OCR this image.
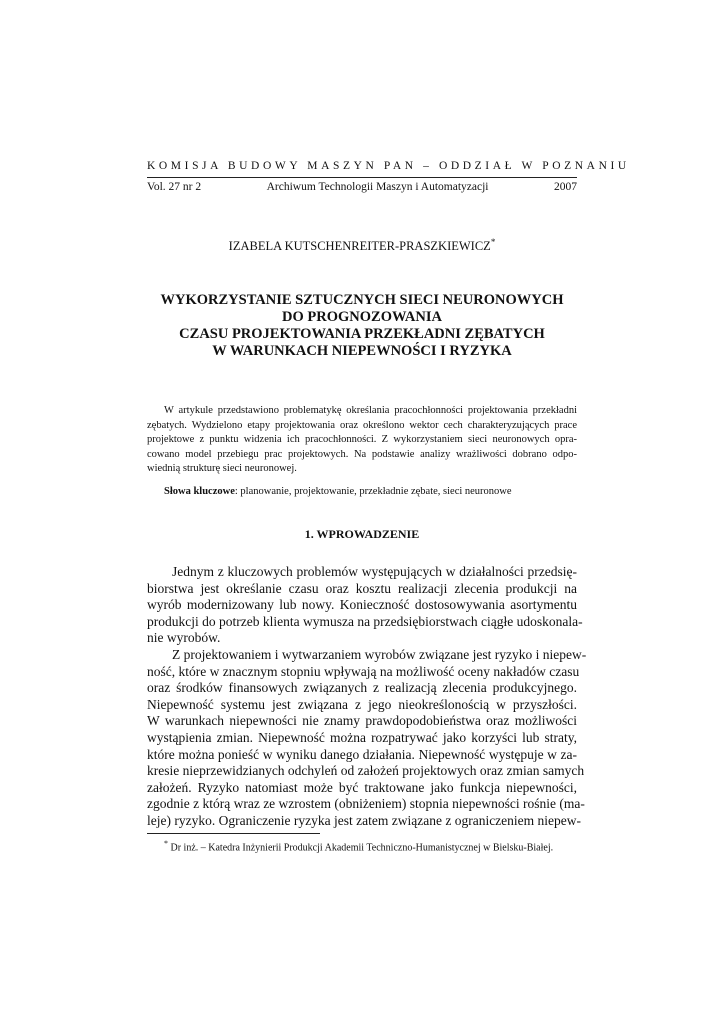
KOMISJA BUDOWY MASZYN PAN – ODDZIAŁ W POZNANIU
Vol. 27 nr 2	Archiwum Technologii Maszyn i Automatyzacji	2007
IZABELA KUTSCHENREITER-PRASZKIEWICZ*
WYKORZYSTANIE SZTUCZNYCH SIECI NEURONOWYCH
DO PROGNOZOWANIA
CZASU PROJEKTOWANIA PRZEKŁADNI ZĘBATYCH
W WARUNKACH NIEPEWNOŚCI I RYZYKA
W artykule przedstawiono problematykę określania pracochłonności projektowania przekładni
zębatych. Wydzielono etapy projektowania oraz określono wektor cech charakteryzujących prace
projektowe z punktu widzenia ich pracochłonności. Z wykorzystaniem sieci neuronowych opra-
cowano model przebiegu prac projektowych. Na podstawie analizy wrażliwości dobrano odpo-
wiednią strukturę sieci neuronowej.
Słowa kluczowe: planowanie, projektowanie, przekładnie zębate, sieci neuronowe
1. WPROWADZENIE
Jednym z kluczowych problemów występujących w działalności przedsię-
biorstwa jest określanie czasu oraz kosztu realizacji zlecenia produkcji na
wyrób modernizowany lub nowy. Konieczność dostosowywania asortymentu
produkcji do potrzeb klienta wymusza na przedsiębiorstwach ciągłe udoskonala-
nie wyrobów.
Z projektowaniem i wytwarzaniem wyrobów związane jest ryzyko i niepew-
ność, które w znacznym stopniu wpływają na możliwość oceny nakładów czasu
oraz środków finansowych związanych z realizacją zlecenia produkcyjnego.
Niepewność systemu jest związana z jego nieokreślonością w przyszłości.
W warunkach niepewności nie znamy prawdopodobieństwa oraz możliwości
wystąpienia zmian. Niepewność można rozpatrywać jako korzyści lub straty,
które można ponieść w wyniku danego działania. Niepewność występuje w za-
kresie nieprzewidzianych odchyleń od założeń projektowych oraz zmian samych
założeń. Ryzyko natomiast może być traktowane jako funkcja niepewności,
zgodnie z którą wraz ze wzrostem (obniżeniem) stopnia niepewności rośnie (ma-
leje) ryzyko. Ograniczenie ryzyka jest zatem związane z ograniczeniem niepew-
* Dr inż. – Katedra Inżynierii Produkcji Akademii Techniczno-Humanistycznej w Bielsku-Białej.
